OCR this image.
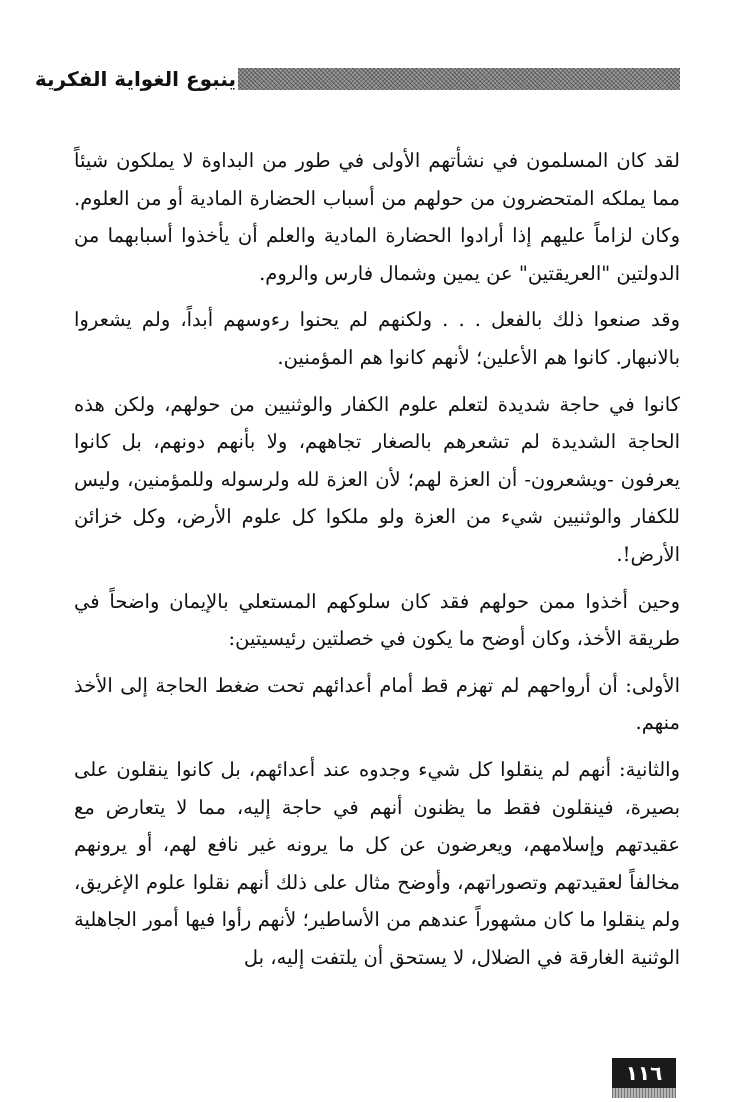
ينبوع الغواية الفكرية

لقد كان المسلمون في نشأتهم الأولى في طور من البداوة لا يملكون شيئاً مما يملكه المتحضرون من حولهم من أسباب الحضارة المادية أو من العلوم. وكان لزاماً عليهم إذا أرادوا الحضارة المادية والعلم أن يأخذوا أسبابهما من الدولتين "العريقتين" عن يمين وشمال فارس والروم.

وقد صنعوا ذلك بالفعل . . . ولكنهم لم يحنوا رءوسهم أبداً، ولم يشعروا بالانبهار. كانوا هم الأعلين؛ لأنهم كانوا هم المؤمنين.

كانوا في حاجة شديدة لتعلم علوم الكفار والوثنيين من حولهم، ولكن هذه الحاجة الشديدة لم تشعرهم بالصغار تجاههم، ولا بأنهم دونهم، بل كانوا يعرفون -ويشعرون- أن العزة لهم؛ لأن العزة لله ولرسوله وللمؤمنين، وليس للكفار والوثنيين شيء من العزة ولو ملكوا كل علوم الأرض، وكل خزائن الأرض!.

وحين أخذوا ممن حولهم فقد كان سلوكهم المستعلي بالإيمان واضحاً في طريقة الأخذ، وكان أوضح ما يكون في خصلتين رئيسيتين:

الأولى: أن أرواحهم لم تهزم قط أمام أعدائهم تحت ضغط الحاجة إلى الأخذ منهم.

والثانية: أنهم لم ينقلوا كل شيء وجدوه عند أعدائهم، بل كانوا ينقلون على بصيرة، فينقلون فقط ما يظنون أنهم في حاجة إليه، مما لا يتعارض مع عقيدتهم وإسلامهم، ويعرضون عن كل ما يرونه غير نافع لهم، أو يرونهم مخالفاً لعقيدتهم وتصوراتهم، وأوضح مثال على ذلك أنهم نقلوا علوم الإغريق، ولم ينقلوا ما كان مشهوراً عندهم من الأساطير؛ لأنهم رأوا فيها أمور الجاهلية الوثنية الغارقة في الضلال، لا يستحق أن يلتفت إليه، بل

١١٦
